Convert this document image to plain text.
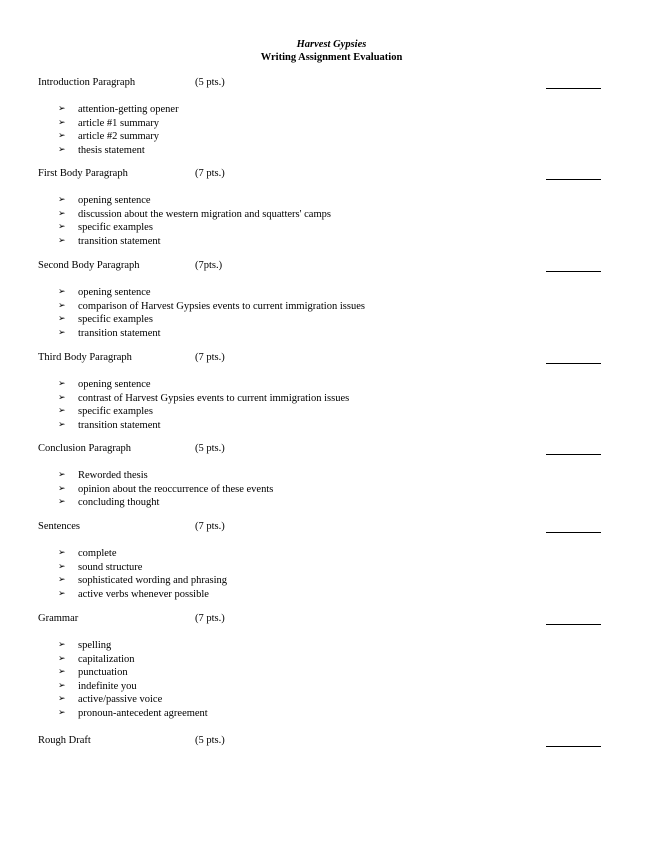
Harvest Gypsies
Writing Assignment Evaluation
Introduction Paragraph	(5 pts.)
➢ attention-getting opener
➢ article #1 summary
➢ article #2 summary
➢ thesis statement
First Body Paragraph	(7 pts.)
➢ opening sentence
➢ discussion about the western migration and squatters' camps
➢ specific examples
➢ transition statement
Second Body Paragraph	(7pts.)
➢ opening sentence
➢ comparison of Harvest Gypsies events to current immigration issues
➢ specific examples
➢ transition statement
Third Body Paragraph	(7 pts.)
➢ opening sentence
➢ contrast of Harvest Gypsies events to current immigration issues
➢ specific examples
➢ transition statement
Conclusion Paragraph	(5 pts.)
➢ Reworded thesis
➢ opinion about the reoccurrence of these events
➢ concluding thought
Sentences	(7 pts.)
➢ complete
➢ sound structure
➢ sophisticated wording and phrasing
➢ active verbs whenever possible
Grammar	(7 pts.)
➢ spelling
➢ capitalization
➢ punctuation
➢ indefinite you
➢ active/passive voice
➢ pronoun-antecedent agreement
Rough Draft	(5 pts.)
